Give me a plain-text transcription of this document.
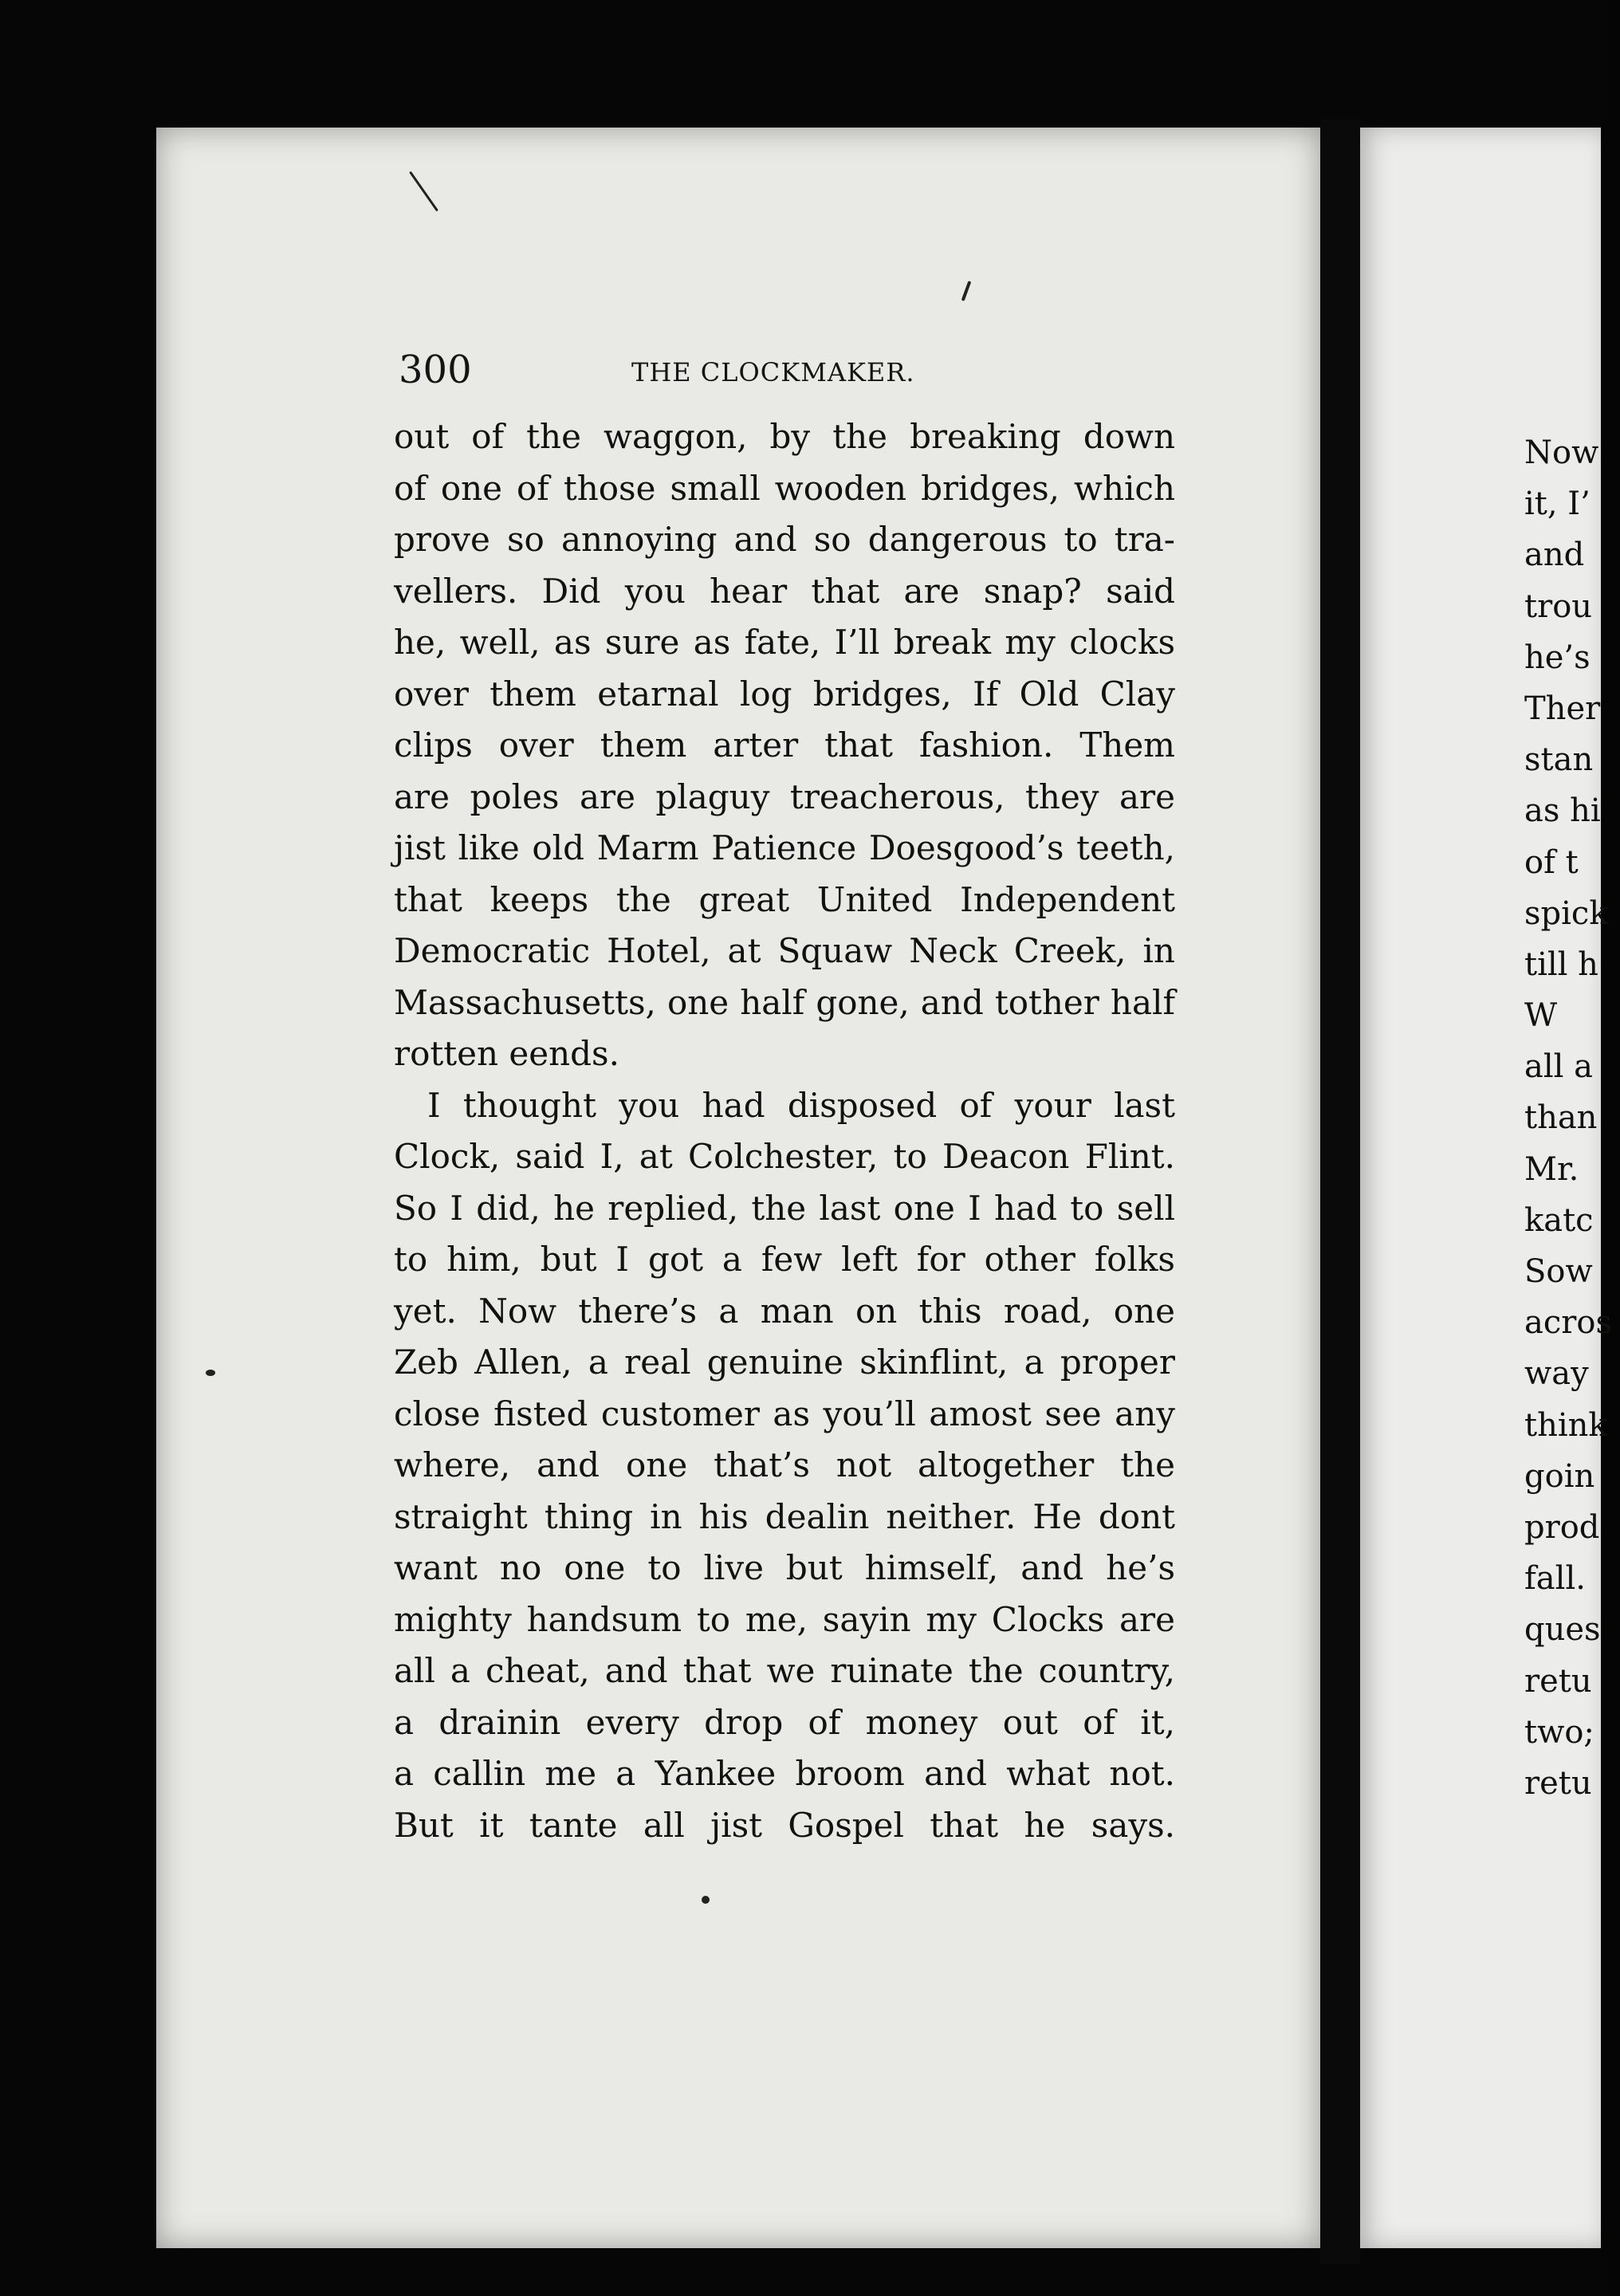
300	THE CLOCKMAKER.
out of the waggon, by the breaking down
of one of those small wooden bridges, which
prove so annoying and so dangerous to tra-
vellers. Did you hear that are snap? said
he, well, as sure as fate, I’ll break my clocks
over them etarnal log bridges, If Old Clay
clips over them arter that fashion. Them
are poles are plaguy treacherous, they are
jist like old Marm Patience Doesgood’s teeth,
that keeps the great United Independent
Democratic Hotel, at Squaw Neck Creek, in
Massachusetts, one half gone, and tother half
rotten eends.
I thought you had disposed of your last
Clock, said I, at Colchester, to Deacon Flint.
So I did, he replied, the last one I had to sell
to him, but I got a few left for other folks
yet. Now there’s a man on this road, one
Zeb Allen, a real genuine skinflint, a proper
close fisted customer as you’ll amost see any
where, and one that’s not altogether the
straight thing in his dealin neither. He dont
want no one to live but himself, and he’s
mighty handsum to me, sayin my Clocks are
all a cheat, and that we ruinate the country,
a drainin every drop of money out of it,
a callin me a Yankee broom and what not.
But it tante all jist Gospel that he says.
Now
it, I’
and
trou
he’s
Ther
stan
as hi
of t
spick
till h
W
all a
than
Mr.
katc
Sow
acros
way
think
goin
prod
fall.
ques
retu
two;
retu
